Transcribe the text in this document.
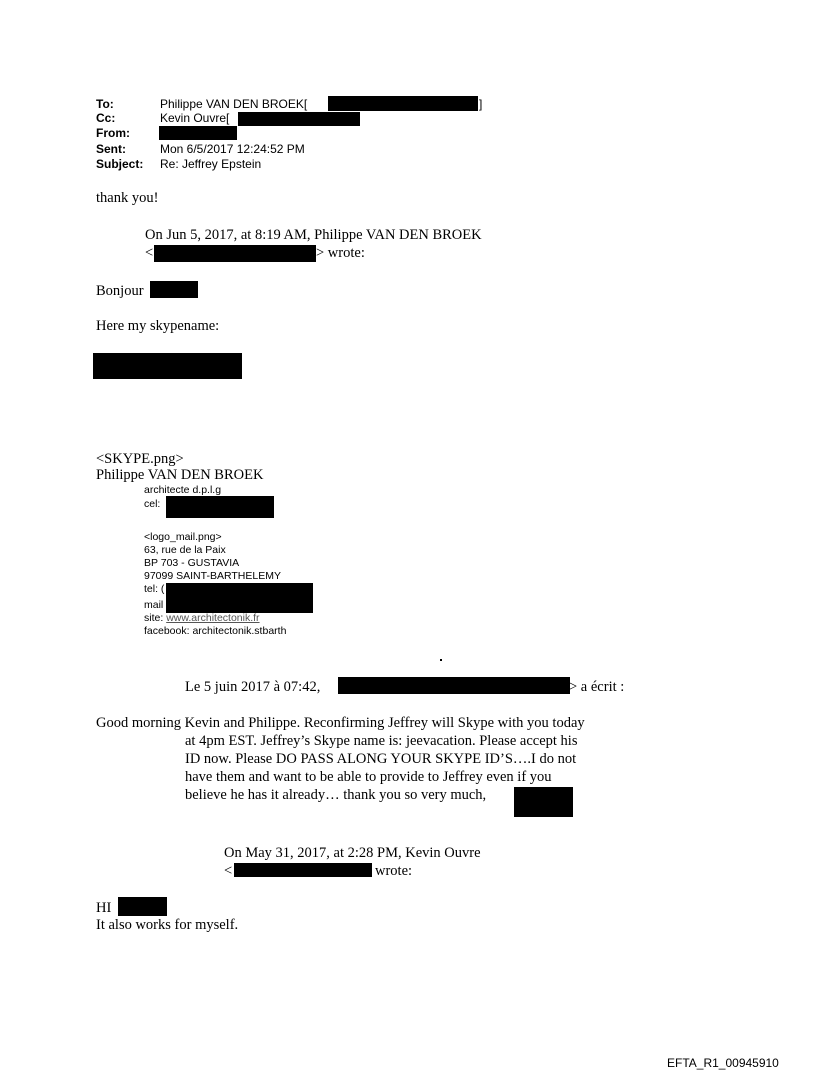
To:	Philippe VAN DEN BROEK[	]
Cc:	Kevin Ouvre[
From:
Sent:	Mon 6/5/2017 12:24:52 PM
Subject: Re: Jeffrey Epstein
thank you!
On Jun 5, 2017, at 8:19 AM, Philippe VAN DEN BROEK
<	> wrote:
Bonjour
Here my skypename:
<SKYPE.png>
Philippe VAN DEN BROEK
architecte d.p.l.g
cel:
<logo_mail.png>
63, rue de la Paix
BP 703 - GUSTAVIA
97099 SAINT-BARTHELEMY
tel: (
mail
site: www.architectonik.fr
facebook: architectonik.stbarth
Le 5 juin 2017 à 07:42,	> a écrit :
Good morning Kevin and Philippe. Reconfirming Jeffrey will Skype with you today
at 4pm EST. Jeffrey’s Skype name is: jeevacation. Please accept his
ID now. Please DO PASS ALONG YOUR SKYPE ID’S….I do not
have them and want to be able to provide to Jeffrey even if you
believe he has it already… thank you so very much,
On May 31, 2017, at 2:28 PM, Kevin Ouvre
<	wrote:
HI
It also works for myself.
EFTA_R1_00945910
